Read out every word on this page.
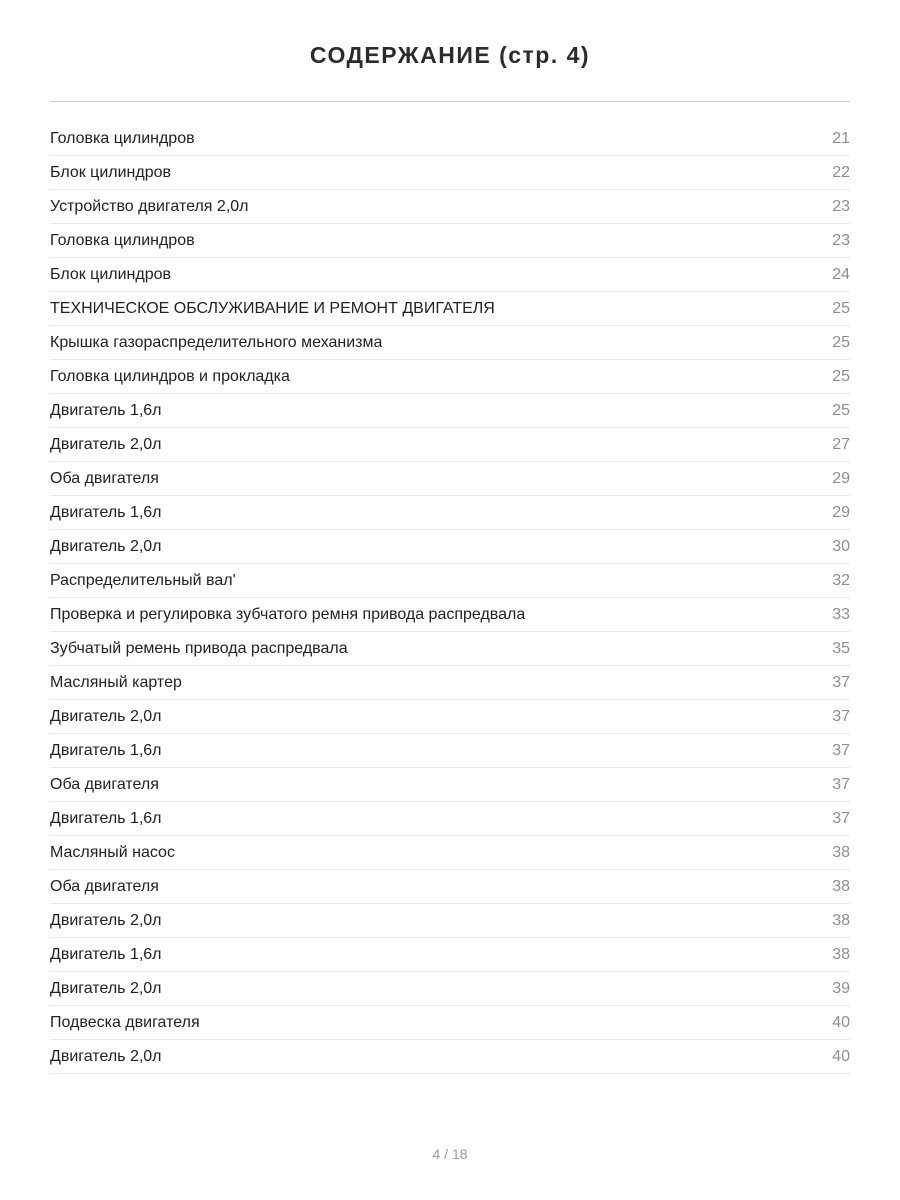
СОДЕРЖАНИЕ (стр. 4)
Головка цилиндров	21
Блок цилиндров	22
Устройство двигателя 2,0л	23
Головка цилиндров	23
Блок цилиндров	24
ТЕХНИЧЕСКОЕ ОБСЛУЖИВАНИЕ И РЕМОНТ ДВИГАТЕЛЯ	25
Крышка газораспределительного механизма	25
Головка цилиндров и прокладка	25
Двигатель 1,6л	25
Двигатель 2,0л	27
Оба двигателя	29
Двигатель 1,6л	29
Двигатель 2,0л	30
Распределительный вал'	32
Проверка и регулировка зубчатого ремня привода распредвала	33
Зубчатый ремень привода распредвала	35
Масляный картер	37
Двигатель 2,0л	37
Двигатель 1,6л	37
Оба двигателя	37
Двигатель 1,6л	37
Масляный насос	38
Оба двигателя	38
Двигатель 2,0л	38
Двигатель 1,6л	38
Двигатель 2,0л	39
Подвеска двигателя	40
Двигатель 2,0л	40
4 / 18
